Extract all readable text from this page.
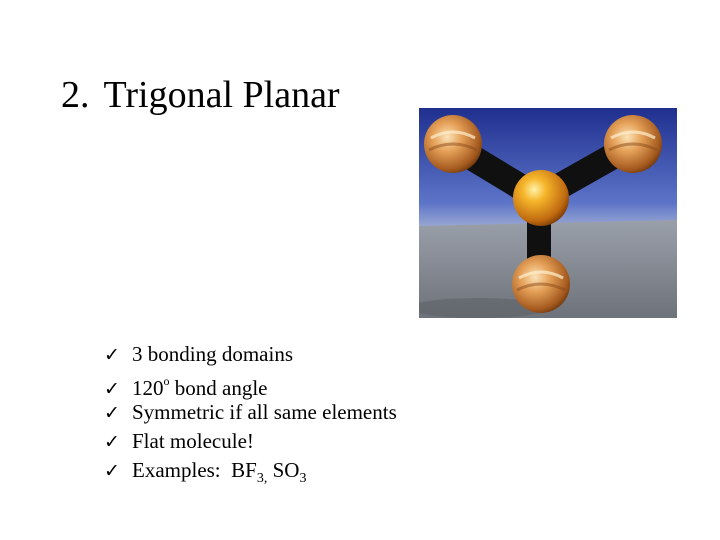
2. Trigonal Planar
✓ 3 bonding domains
✓ 120$^o$ bond angle
✓ Symmetric if all same elements
✓ Flat molecule!
✓ Examples:  $BF_{3,}$ $SO_3$
